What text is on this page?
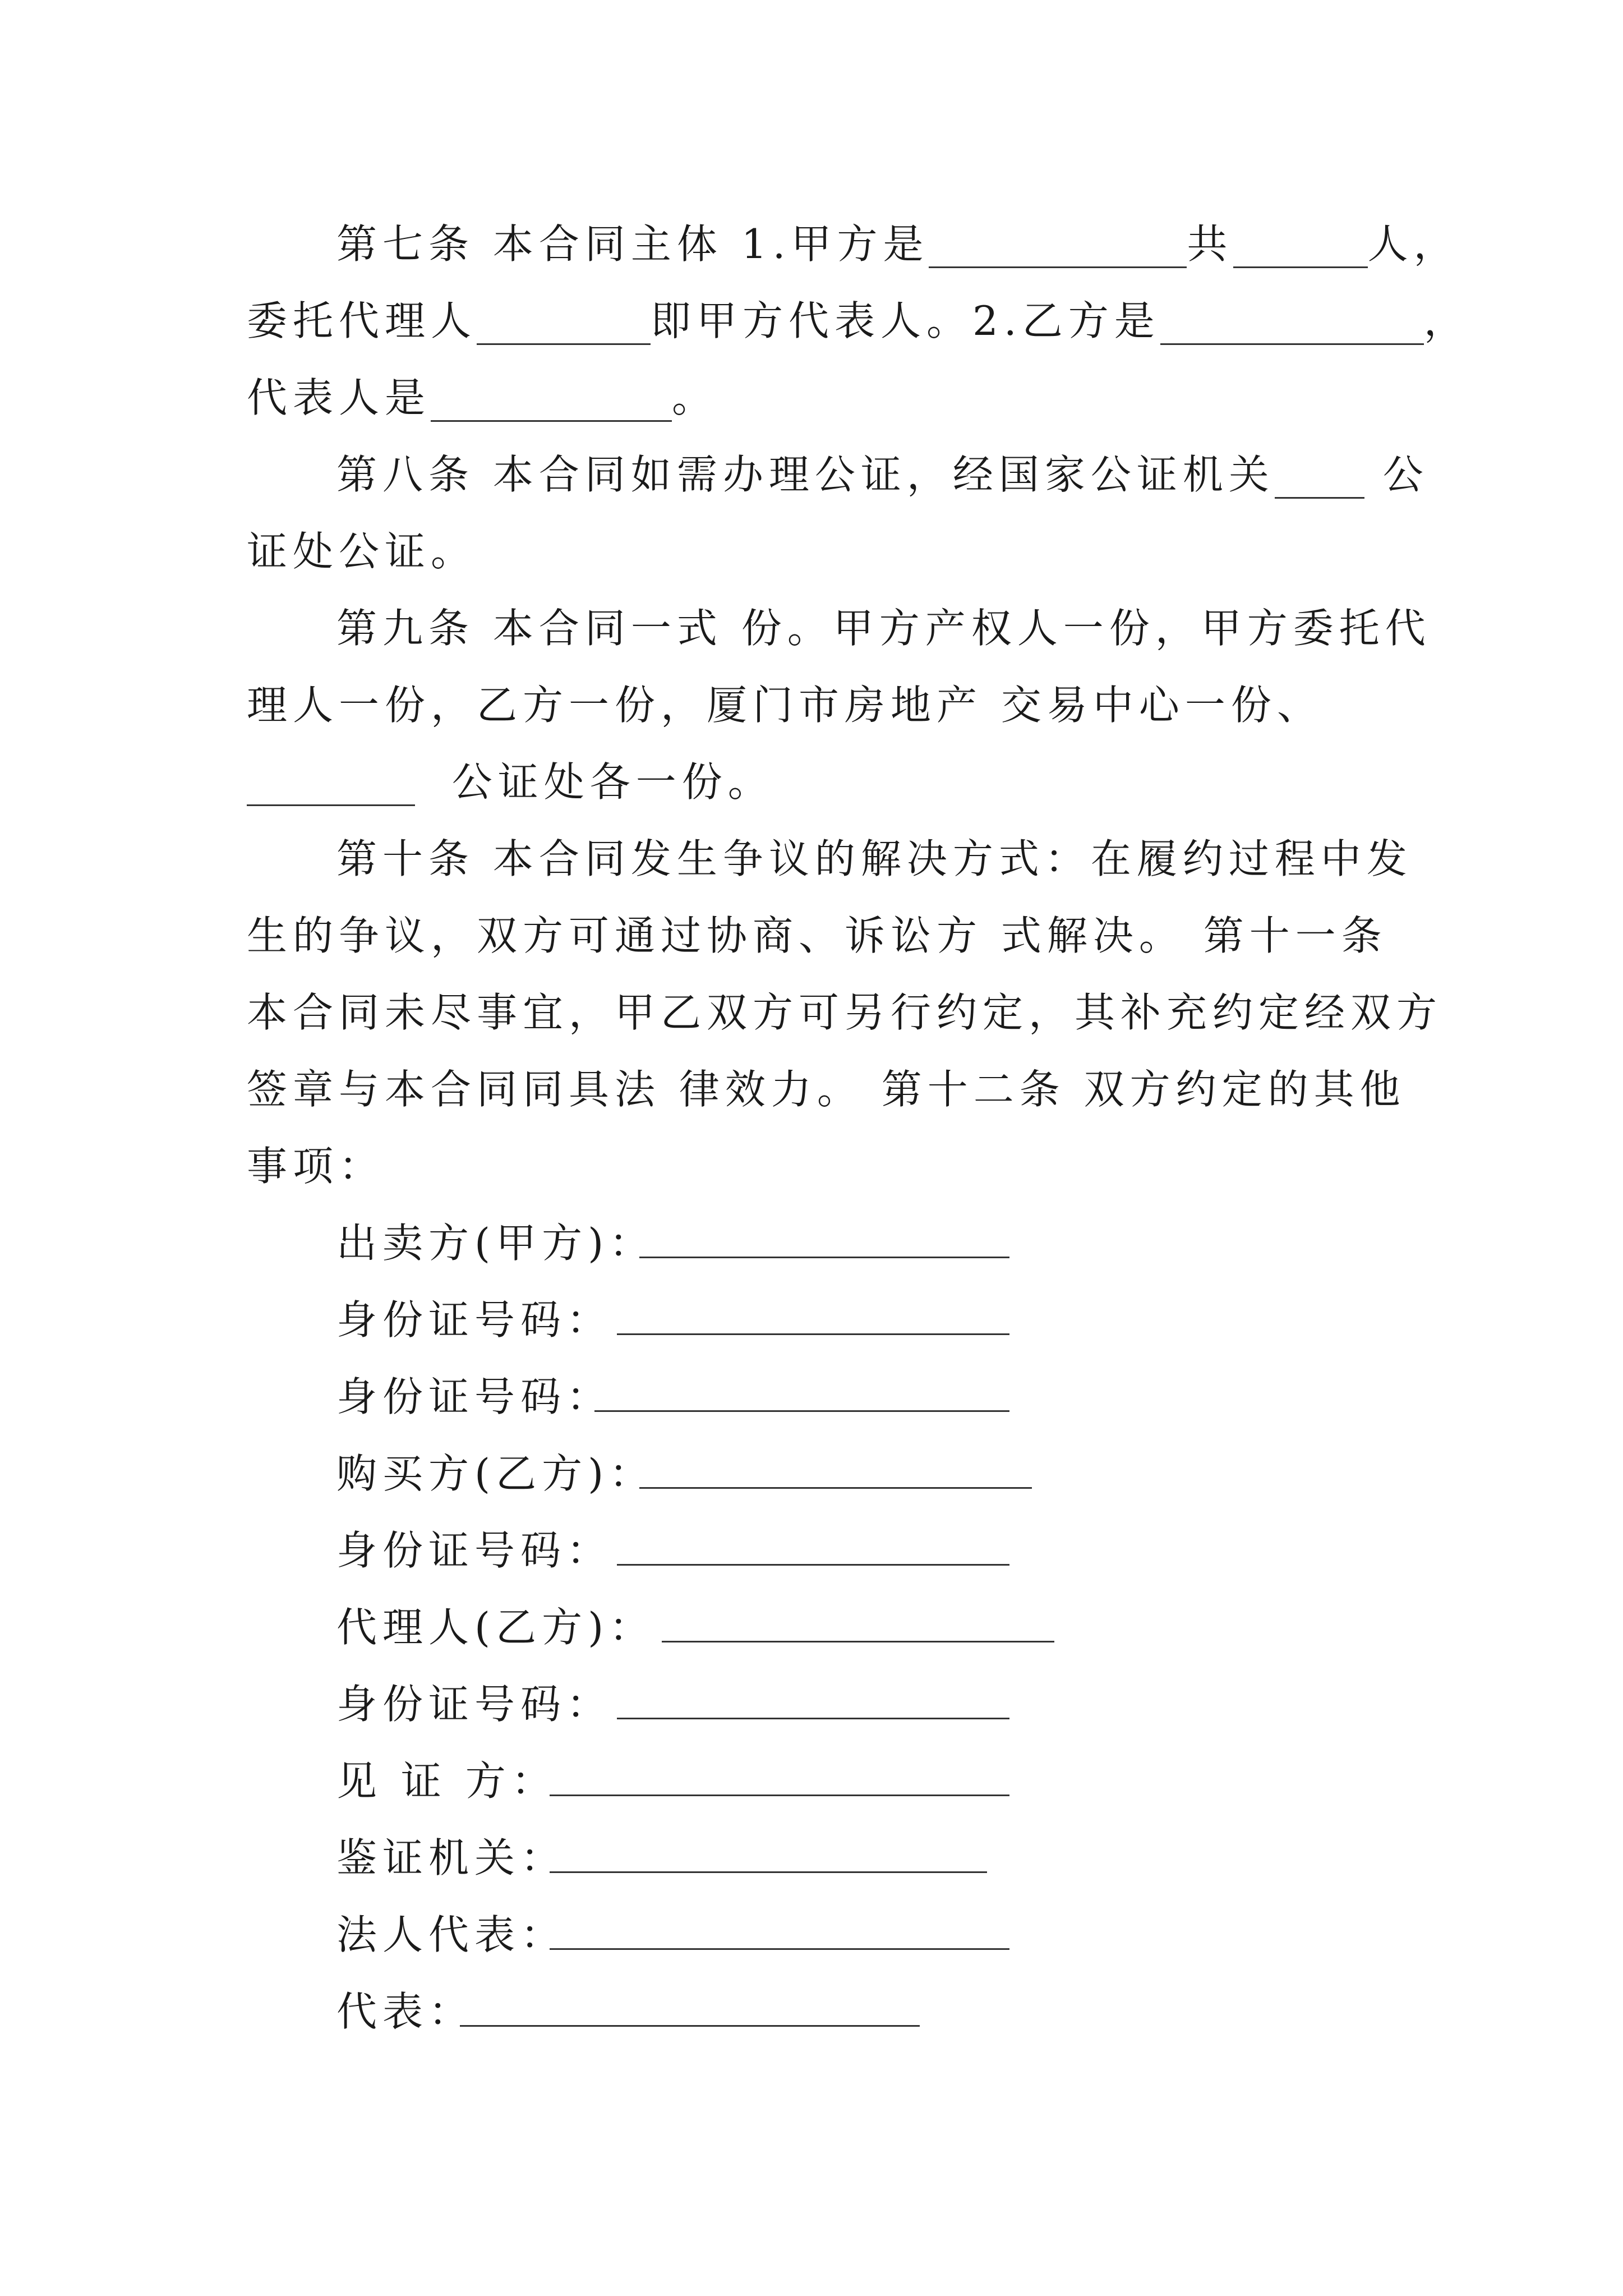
第七条 本合同主体 1.甲方是	共	人，
委托代理人	即甲方代表人。2.乙方是	，
代表人是	。
第八条 本合同如需办理公证，经国家公证机关	公
证处公证。
第九条 本合同一式 份。甲方产权人一份，甲方委托代
理人一份，乙方一份，厦门市房地产 交易中心一份、
公证处各一份。
第十条 本合同发生争议的解决方式：在履约过程中发
生的争议，双方可通过协商、诉讼方 式解决。 第十一条
本合同未尽事宜，甲乙双方可另行约定，其补充约定经双方
签章与本合同同具法 律效力。 第十二条 双方约定的其他
事项：
出卖方(甲方)：
身份证号码：
身份证号码：
购买方(乙方)：
身份证号码：
代理人(乙方)：
身份证号码：
见 证 方：
鉴证机关：
法人代表：
代表：
